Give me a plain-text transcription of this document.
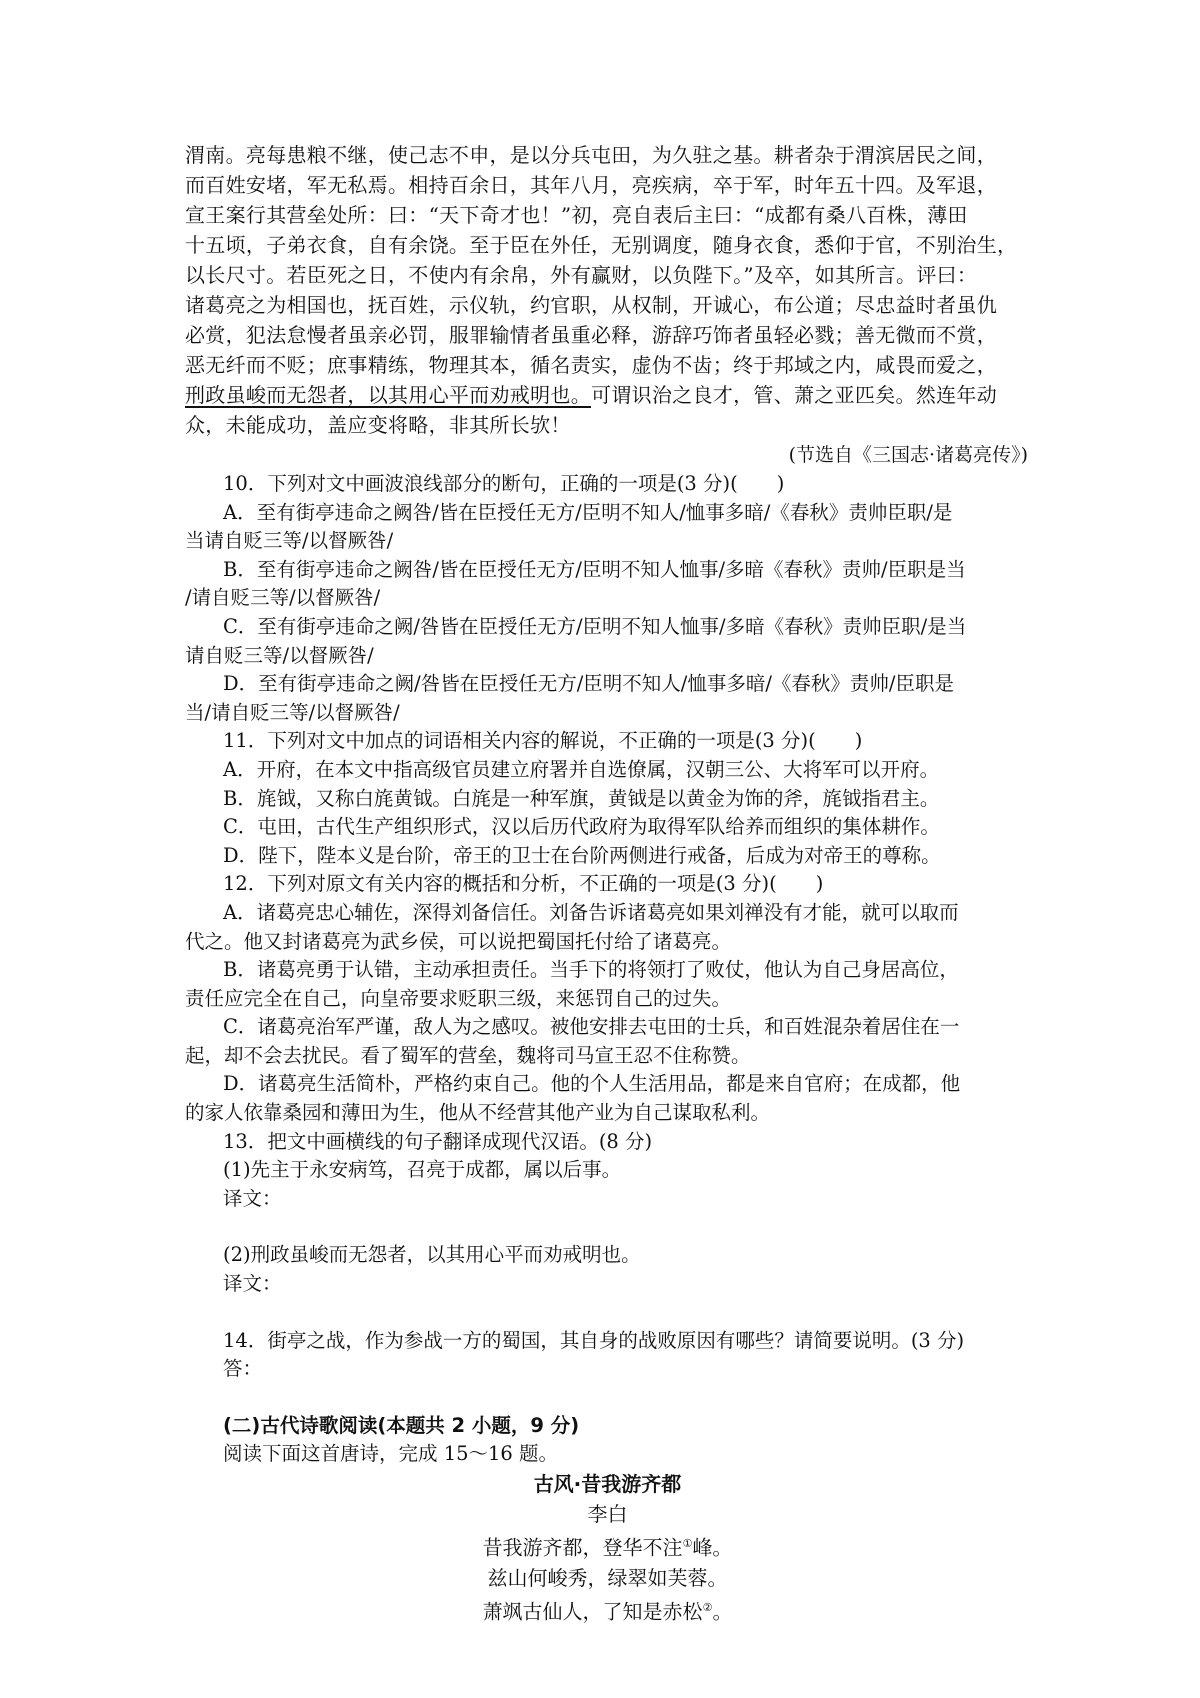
渭南。亮每患粮不继，使己志不申，是以分兵屯田，为久驻之基。耕者杂于渭滨居民之间，

而百姓安堵，军无私焉。相持百余日，其年八月，亮疾病，卒于军，时年五十四。及军退，

宣王案行其营垒处所：曰：“天下奇才也！”初，亮自表后主曰：“成都有桑八百株，薄田

十五顷，子弟衣食，自有余饶。至于臣在外任，无别调度，随身衣食，悉仰于官，不别治生，

以长尺寸。若臣死之日，不使内有余帛，外有赢财，以负陛下。”及卒，如其所言。评曰：

诸葛亮之为相国也，抚百姓，示仪轨，约官职，从权制，开诚心，布公道；尽忠益时者虽仇

必赏，犯法怠慢者虽亲必罚，服罪输情者虽重必释，游辞巧饰者虽轻必戮；善无微而不赏，

恶无纤而不贬；庶事精练，物理其本，循名责实，虚伪不齿；终于邦域之内，咸畏而爱之，

刑政虽峻而无怨者，以其用心平而劝戒明也。可谓识治之良才，管、萧之亚匹矣。然连年动

众，未能成功，盖应变将略，非其所长欤！

(节选自《三国志·诸葛亮传》)

10．下列对文中画波浪线部分的断句，正确的一项是(3 分)(　　)

A．至有街亭违命之阙咎/皆在臣授任无方/臣明不知人/恤事多暗/《春秋》责帅臣职/是

当请自贬三等/以督厥咎/

B．至有街亭违命之阙咎/皆在臣授任无方/臣明不知人恤事/多暗《春秋》责帅/臣职是当

/请自贬三等/以督厥咎/

C．至有街亭违命之阙/咎皆在臣授任无方/臣明不知人恤事/多暗《春秋》责帅臣职/是当

请自贬三等/以督厥咎/

D．至有街亭违命之阙/咎皆在臣授任无方/臣明不知人/恤事多暗/《春秋》责帅/臣职是

当/请自贬三等/以督厥咎/

11．下列对文中加点的词语相关内容的解说，不正确的一项是(3 分)(　　)

A．开府，在本文中指高级官员建立府署并自选僚属，汉朝三公、大将军可以开府。

B．旄钺，又称白旄黄钺。白旄是一种军旗，黄钺是以黄金为饰的斧，旄钺指君主。

C．屯田，古代生产组织形式，汉以后历代政府为取得军队给养而组织的集体耕作。

D．陛下，陛本义是台阶，帝王的卫士在台阶两侧进行戒备，后成为对帝王的尊称。

12．下列对原文有关内容的概括和分析，不正确的一项是(3 分)(　　)

A．诸葛亮忠心辅佐，深得刘备信任。刘备告诉诸葛亮如果刘禅没有才能，就可以取而

代之。他又封诸葛亮为武乡侯，可以说把蜀国托付给了诸葛亮。

B．诸葛亮勇于认错，主动承担责任。当手下的将领打了败仗，他认为自己身居高位，

责任应完全在自己，向皇帝要求贬职三级，来惩罚自己的过失。

C．诸葛亮治军严谨，敌人为之感叹。被他安排去屯田的士兵，和百姓混杂着居住在一

起，却不会去扰民。看了蜀军的营垒，魏将司马宣王忍不住称赞。

D．诸葛亮生活简朴，严格约束自己。他的个人生活用品，都是来自官府；在成都，他

的家人依靠桑园和薄田为生，他从不经营其他产业为自己谋取私利。

13．把文中画横线的句子翻译成现代汉语。(8 分)

(1)先主于永安病笃，召亮于成都，属以后事。

译文：

(2)刑政虽峻而无怨者，以其用心平而劝戒明也。

译文：

14．街亭之战，作为参战一方的蜀国，其自身的战败原因有哪些？请简要说明。(3 分)

答：

(二)古代诗歌阅读(本题共 2 小题，9 分)

阅读下面这首唐诗，完成 15～16 题。

古风·昔我游齐都

李白

昔我游齐都，登华不注①峰。

兹山何峻秀，绿翠如芙蓉。

萧飒古仙人，了知是赤松②。
